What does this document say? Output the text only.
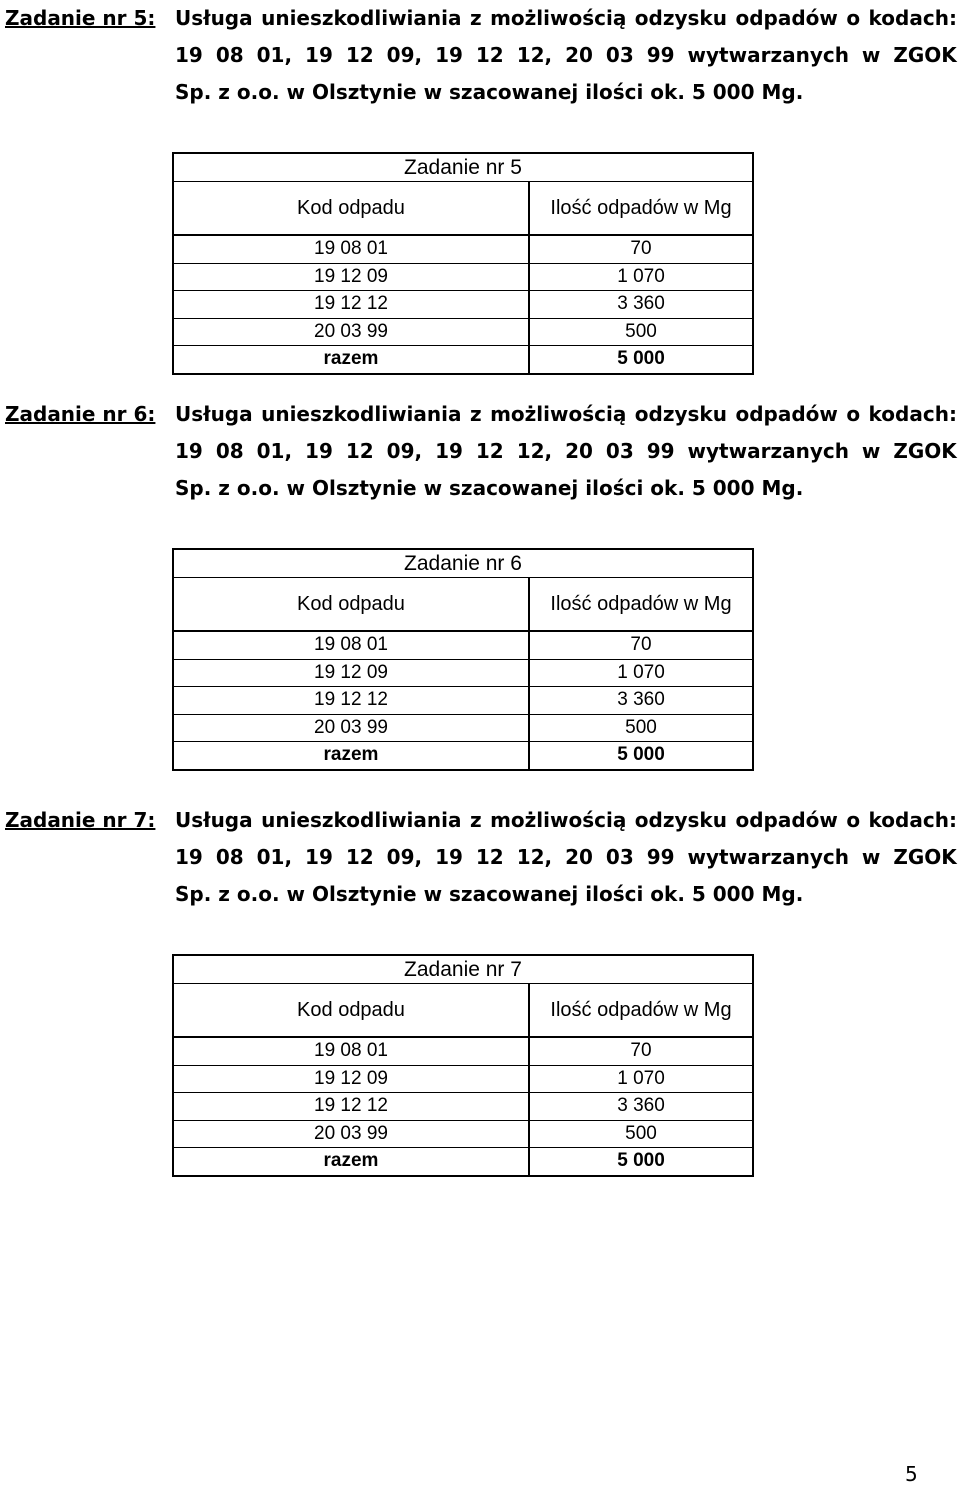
Zadanie nr 5: Usługa unieszkodliwiania z możliwością odzysku odpadów o kodach:
19 08 01, 19 12 09, 19 12 12, 20 03 99 wytwarzanych w ZGOK
Sp. z o.o. w Olsztynie w szacowanej ilości ok. 5 000 Mg.
Zadanie nr 5
Kod odpadu	Ilość odpadów w Mg
19 08 01	70
19 12 09	1 070
19 12 12	3 360
20 03 99	500
razem	5 000
Zadanie nr 6: Usługa unieszkodliwiania z możliwością odzysku odpadów o kodach:
19 08 01, 19 12 09, 19 12 12, 20 03 99 wytwarzanych w ZGOK
Sp. z o.o. w Olsztynie w szacowanej ilości ok. 5 000 Mg.
Zadanie nr 6
Kod odpadu	Ilość odpadów w Mg
19 08 01	70
19 12 09	1 070
19 12 12	3 360
20 03 99	500
razem	5 000
Zadanie nr 7: Usługa unieszkodliwiania z możliwością odzysku odpadów o kodach:
19 08 01, 19 12 09, 19 12 12, 20 03 99 wytwarzanych w ZGOK
Sp. z o.o. w Olsztynie w szacowanej ilości ok. 5 000 Mg.
Zadanie nr 7
Kod odpadu	Ilość odpadów w Mg
19 08 01	70
19 12 09	1 070
19 12 12	3 360
20 03 99	500
razem	5 000
5
